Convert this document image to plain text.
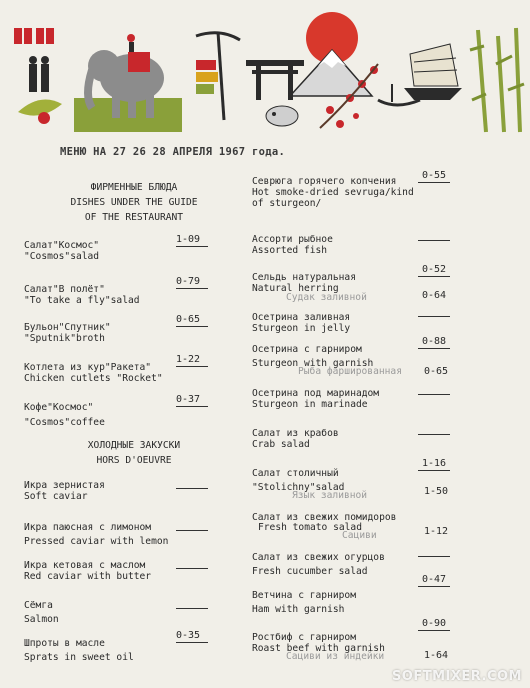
МЕНЮ НА 27 26 28 АПРЕЛЯ 1967 года.
ФИРМЕННЫЕ БЛЮДА
DISHES UNDER THE GUIDE
OF THE RESTAURANT
Салат"Космос"
"Cosmos"salad
1-09
Салат"В полёт"
"To take a fly"salad
0-79
Бульон"Спутник"
"Sputnik"broth
0-65
Котлета из кур"Ракета"
Chicken cutlets "Rocket"
1-22
Кофе"Космос"
"Cosmos"coffee
0-37
ХОЛОДНЫЕ ЗАКУСКИ
HORS D'OEUVRE
Икра зернистая
Soft caviar
Икра паюсная с лимоном
Pressed caviar with lemon
Икра кетовая с маслом
Red caviar with butter
Сёмга
Salmon
Шпроты в масле
Sprats in sweet oil
0-35
Севрюга горячего копчения
Hot smoke-dried sevruga/kind
of sturgeon/
0-55
Ассорти рыбное
Assorted fish
Сельдь натуральная
Natural herring
Судак заливной
0-52
0-64
Осетрина заливная
Sturgeon in jelly
Осетрина с гарниром
Sturgeon with garnish
Рыба фаршированная
0-88
0-65
Осетрина под маринадом
Sturgeon in marinade
Салат из крабов
Crab salad
Салат столичный
"Stolichny"salad
Язык заливной
1-16
1-50
Салат из свежих помидоров
Fresh tomato salad
Сациви	1-12
Салат из свежих огурцов
Fresh cucumber salad
Ветчина с гарниром
Ham with garnish
0-47
Ростбиф с гарниром
Roast beef with garnish
Сациви из индейки
0-90
1-64
SOFTMIXER.COM
